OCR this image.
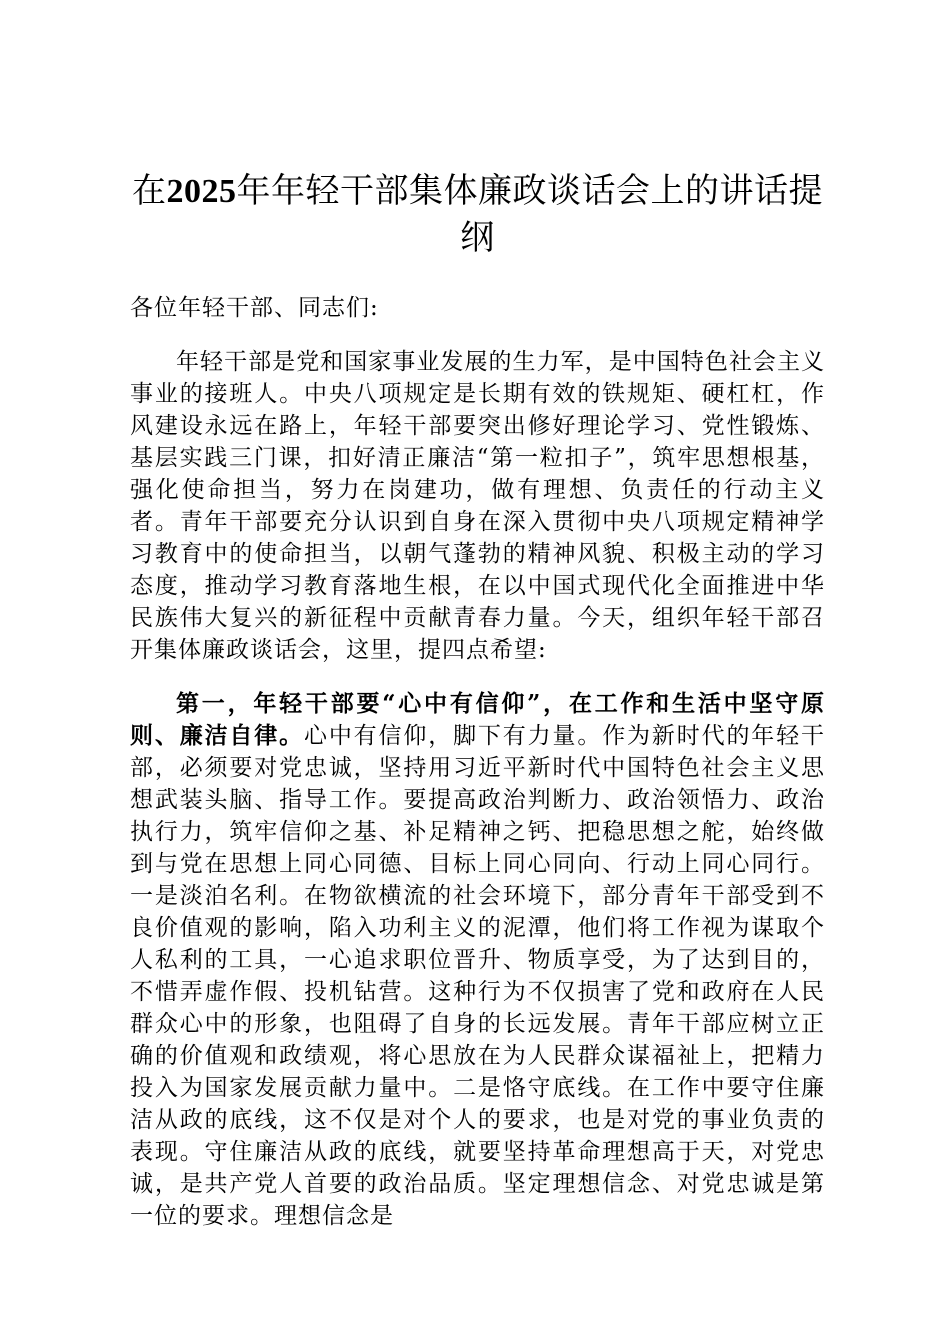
在2025年年轻干部集体廉政谈话会上的讲话提纲

各位年轻干部、同志们:

年轻干部是党和国家事业发展的生力军，是中国特色社会主义事业的接班人。中央八项规定是长期有效的铁规矩、硬杠杠，作风建设永远在路上，年轻干部要突出修好理论学习、党性锻炼、基层实践三门课，扣好清正廉洁“第一粒扣子”，筑牢思想根基，强化使命担当，努力在岗建功，做有理想、负责任的行动主义者。青年干部要充分认识到自身在深入贯彻中央八项规定精神学习教育中的使命担当，以朝气蓬勃的精神风貌、积极主动的学习态度，推动学习教育落地生根，在以中国式现代化全面推进中华民族伟大复兴的新征程中贡献青春力量。今天，组织年轻干部召开集体廉政谈话会，这里，提四点希望:

第一，年轻干部要“心中有信仰”，在工作和生活中坚守原则、廉洁自律。心中有信仰，脚下有力量。作为新时代的年轻干部，必须要对党忠诚，坚持用习近平新时代中国特色社会主义思想武装头脑、指导工作。要提高政治判断力、政治领悟力、政治执行力，筑牢信仰之基、补足精神之钙、把稳思想之舵，始终做到与党在思想上同心同德、目标上同心同向、行动上同心同行。一是淡泊名利。在物欲横流的社会环境下，部分青年干部受到不良价值观的影响，陷入功利主义的泥潭，他们将工作视为谋取个人私利的工具，一心追求职位晋升、物质享受，为了达到目的，不惜弄虚作假、投机钻营。这种行为不仅损害了党和政府在人民群众心中的形象，也阻碍了自身的长远发展。青年干部应树立正确的价值观和政绩观，将心思放在为人民群众谋福祉上，把精力投入为国家发展贡献力量中。二是恪守底线。在工作中要守住廉洁从政的底线，这不仅是对个人的要求，也是对党的事业负责的表现。守住廉洁从政的底线，就要坚持革命理想高于天，对党忠诚，是共产党人首要的政治品质。坚定理想信念、对党忠诚是第一位的要求。理想信念是
